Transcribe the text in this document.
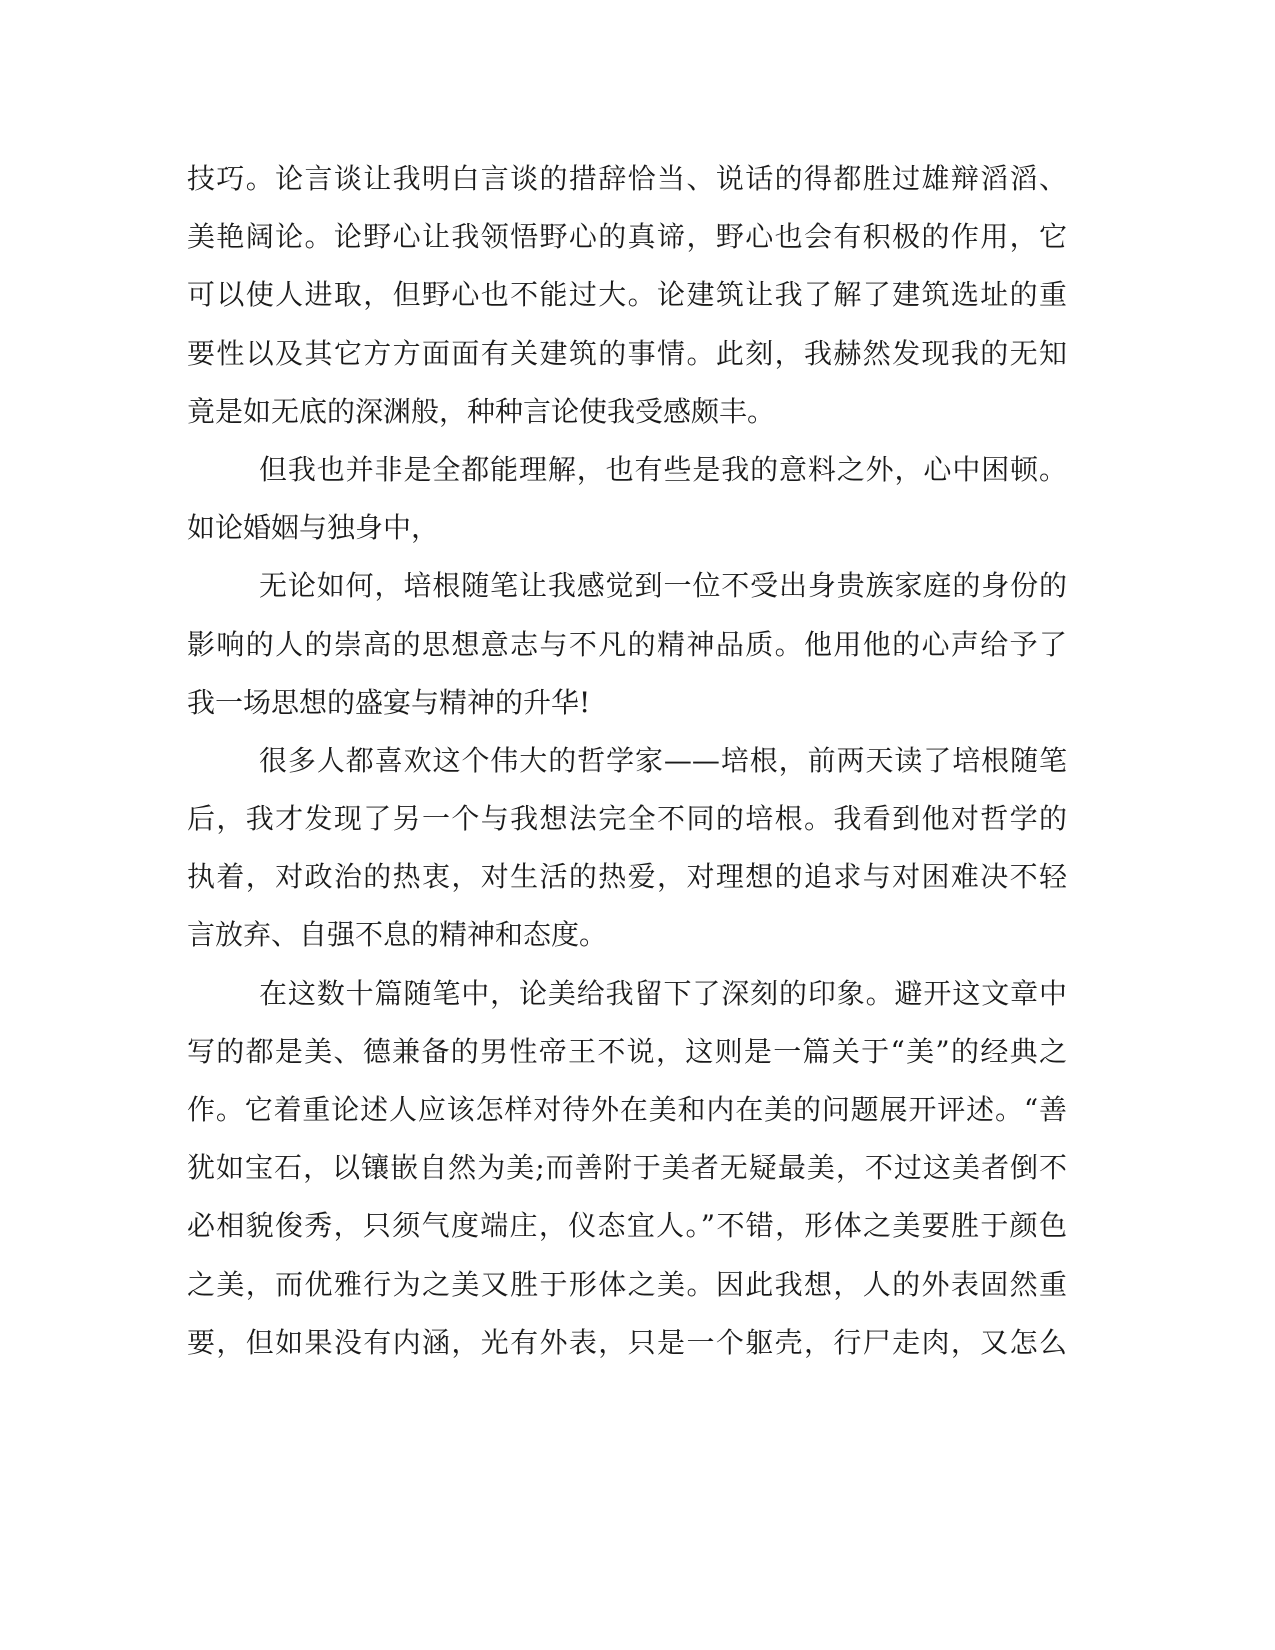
技巧。论言谈让我明白言谈的措辞恰当、说话的得都胜过雄辩滔滔、
美艳阔论。论野心让我领悟野心的真谛，野心也会有积极的作用，它
可以使人进取，但野心也不能过大。论建筑让我了解了建筑选址的重
要性以及其它方方面面有关建筑的事情。此刻，我赫然发现我的无知
竟是如无底的深渊般，种种言论使我受感颇丰。
但我也并非是全都能理解，也有些是我的意料之外，心中困顿。
如论婚姻与独身中，
无论如何，培根随笔让我感觉到一位不受出身贵族家庭的身份的
影响的人的崇高的思想意志与不凡的精神品质。他用他的心声给予了
我一场思想的盛宴与精神的升华!
很多人都喜欢这个伟大的哲学家——培根，前两天读了培根随笔
后，我才发现了另一个与我想法完全不同的培根。我看到他对哲学的
执着，对政治的热衷，对生活的热爱，对理想的追求与对困难决不轻
言放弃、自强不息的精神和态度。
在这数十篇随笔中，论美给我留下了深刻的印象。避开这文章中
写的都是美、德兼备的男性帝王不说，这则是一篇关于“美”的经典之
作。它着重论述人应该怎样对待外在美和内在美的问题展开评述。“善
犹如宝石，以镶嵌自然为美;而善附于美者无疑最美，不过这美者倒不
必相貌俊秀，只须气度端庄，仪态宜人。”不错，形体之美要胜于颜色
之美，而优雅行为之美又胜于形体之美。因此我想，人的外表固然重
要，但如果没有内涵，光有外表，只是一个躯壳，行尸走肉，又怎么
